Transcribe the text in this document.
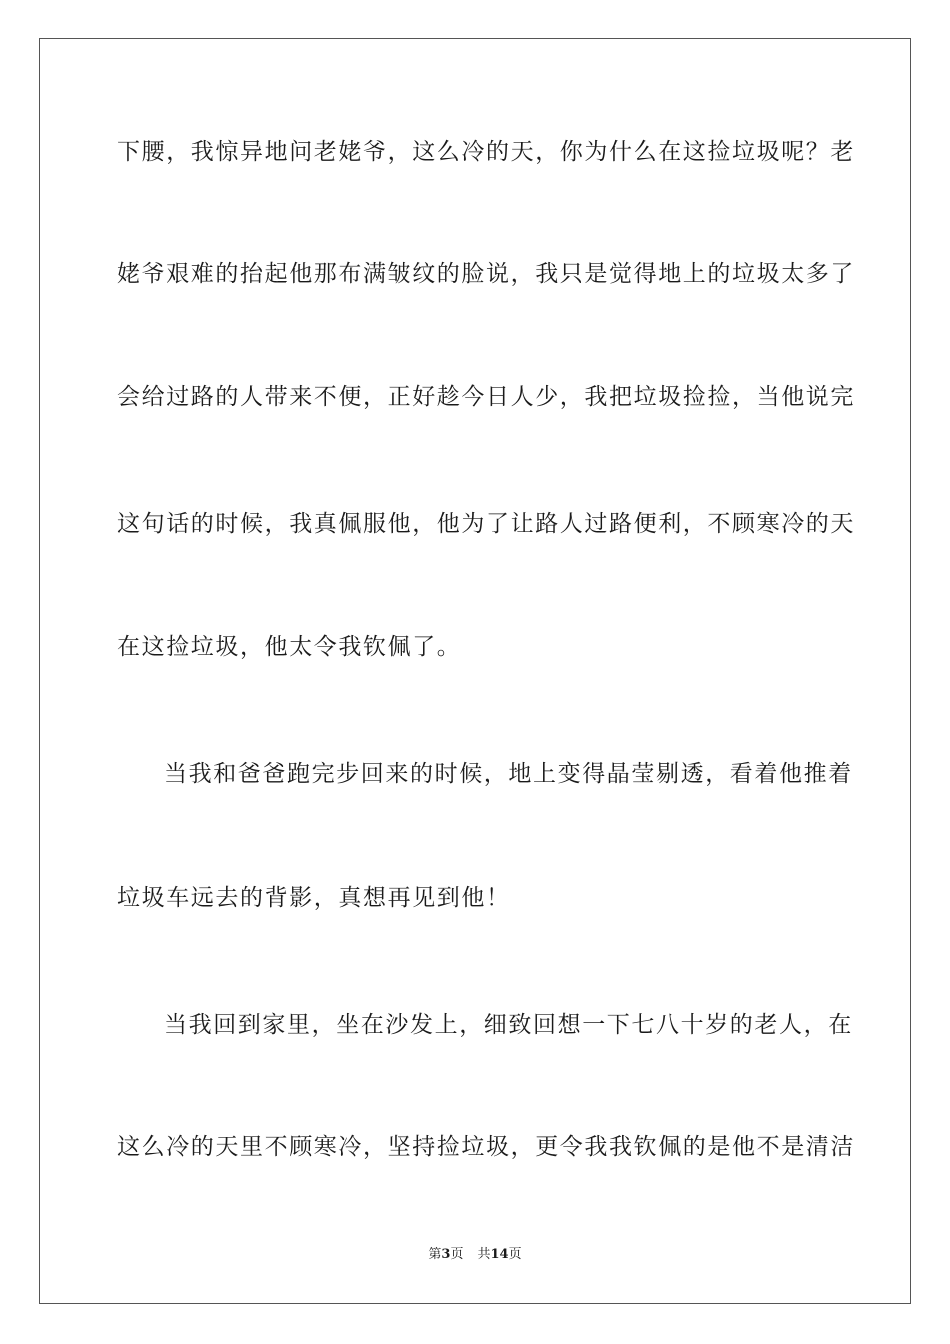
下腰，我惊异地问老姥爷，这么冷的天，你为什么在这捡垃圾呢？老
姥爷艰难的抬起他那布满皱纹的脸说，我只是觉得地上的垃圾太多了
会给过路的人带来不便，正好趁今日人少，我把垃圾捡捡，当他说完
这句话的时候，我真佩服他，他为了让路人过路便利，不顾寒冷的天
在这捡垃圾，他太令我钦佩了。
当我和爸爸跑完步回来的时候，地上变得晶莹剔透，看着他推着
垃圾车远去的背影，真想再见到他！
当我回到家里，坐在沙发上，细致回想一下七八十岁的老人，在
这么冷的天里不顾寒冷，坚持捡垃圾，更令我我钦佩的是他不是清洁
第3页 共14页
